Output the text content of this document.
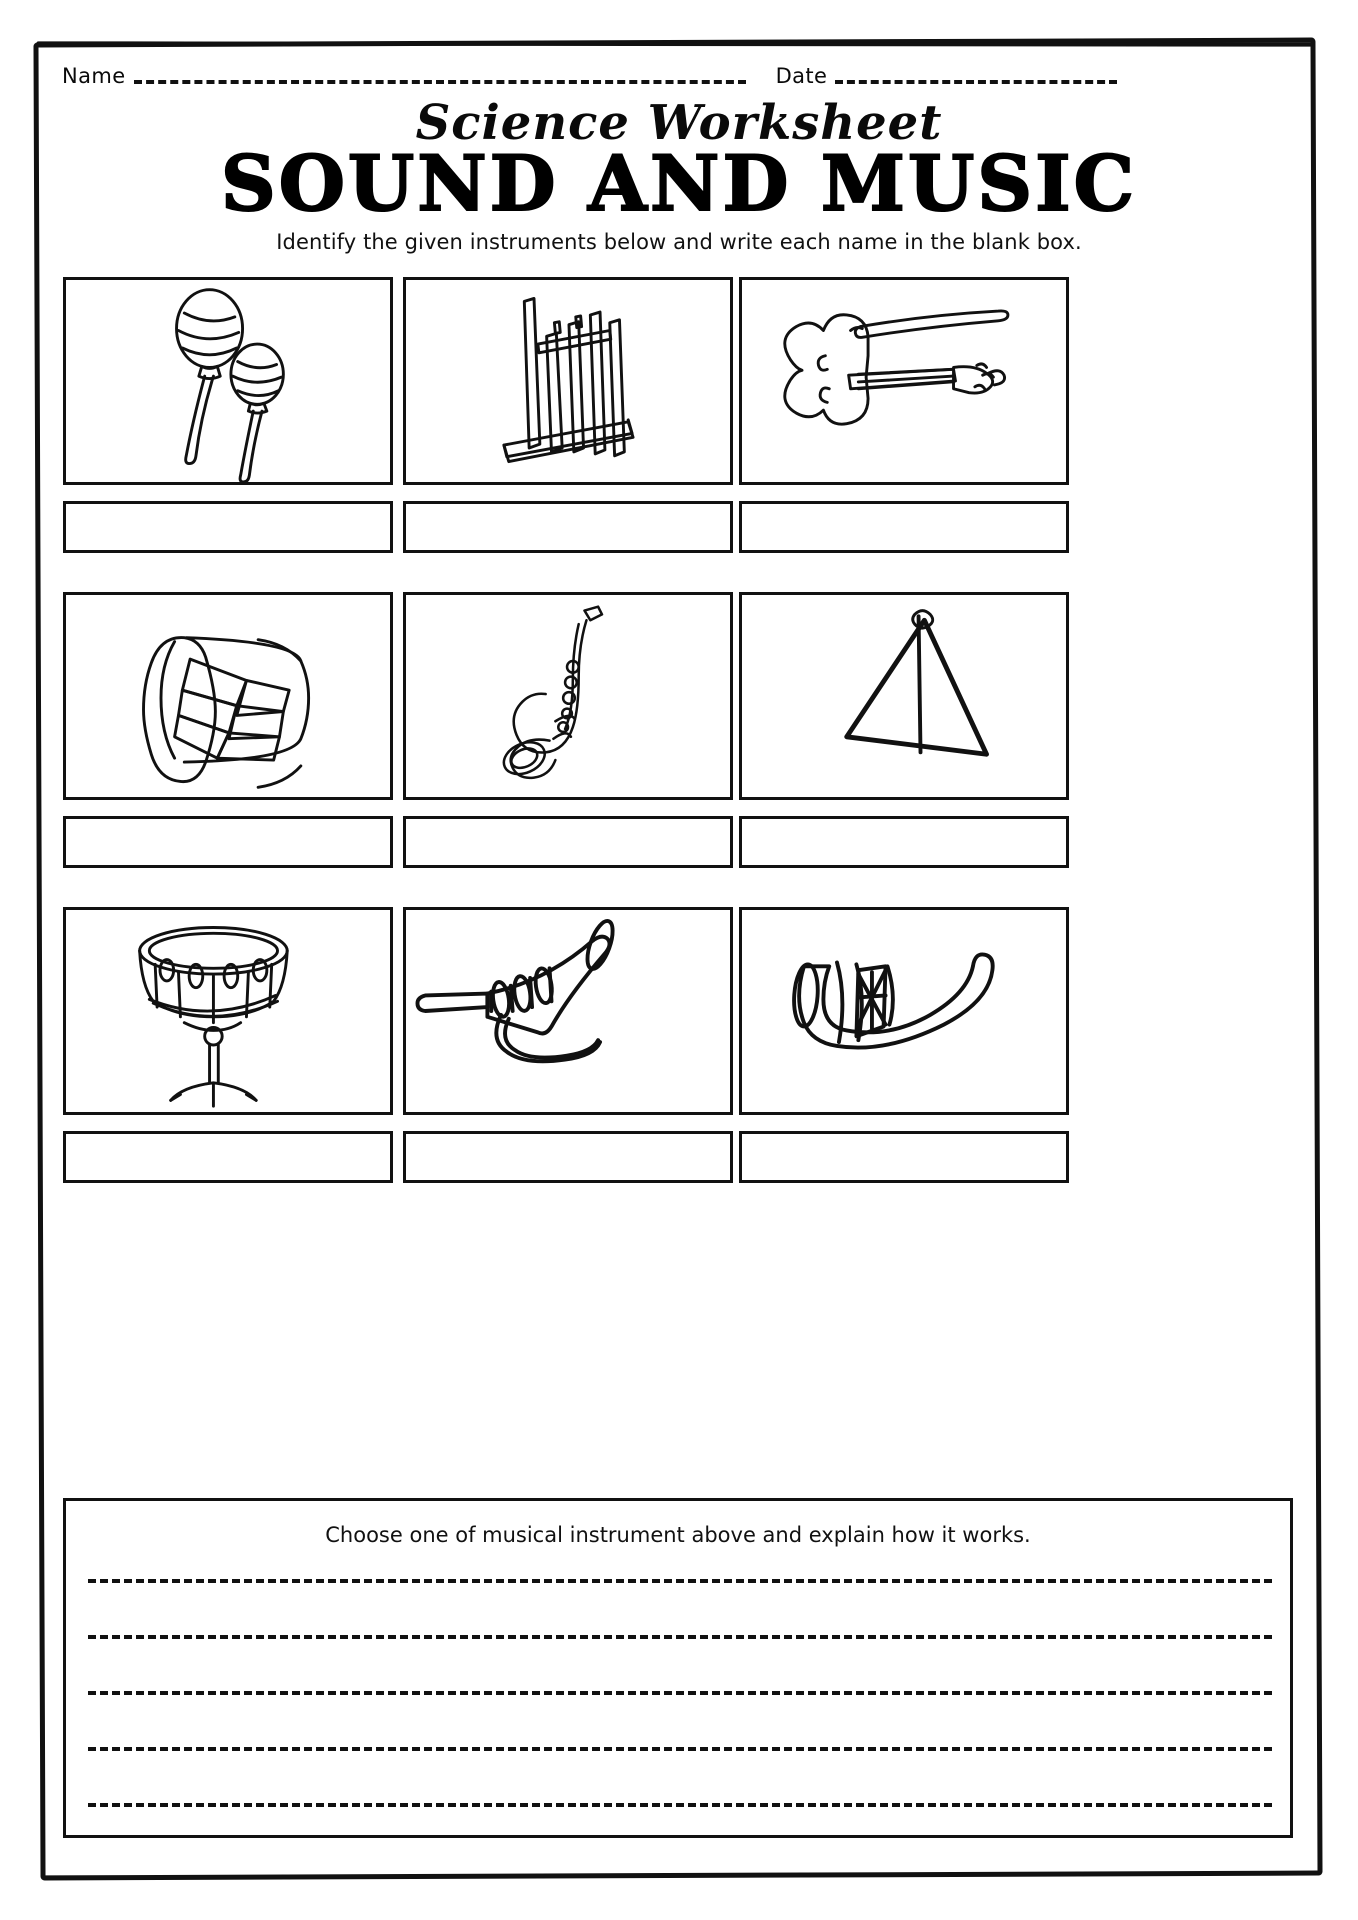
Name	Date
Science Worksheet
SOUND AND MUSIC
Identify the given instruments below and write each name in the blank box.
Choose one of musical instrument above and explain how it works.
